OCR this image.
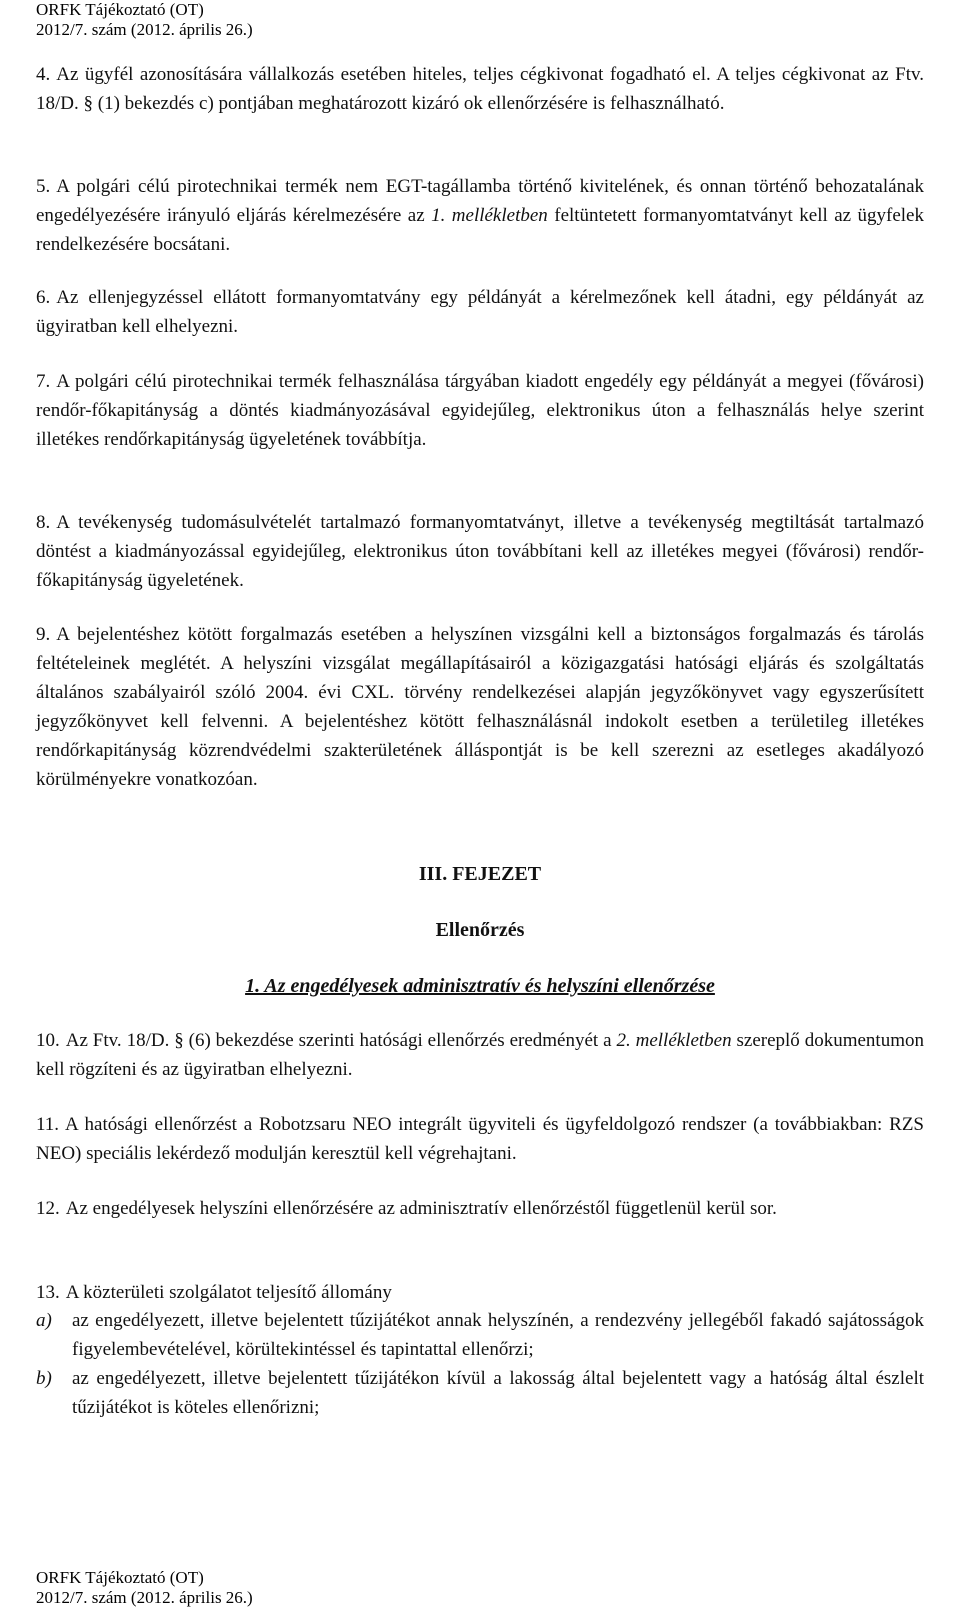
ORFK Tájékoztató (OT)
2012/7. szám (2012. április 26.)

4. Az ügyfél azonosítására vállalkozás esetében hiteles, teljes cégkivonat fogadható el. A teljes cégkivonat az Ftv. 18/D. § (1) bekezdés c) pontjában meghatározott kizáró ok ellenőrzésére is felhasználható.

5. A polgári célú pirotechnikai termék nem EGT-tagállamba történő kivitelének, és onnan történő behozatalának engedélyezésére irányuló eljárás kérelmezésére az 1. mellékletben feltüntetett formanyomtatványt kell az ügyfelek rendelkezésére bocsátani.

6. Az ellenjegyzéssel ellátott formanyomtatvány egy példányát a kérelmezőnek kell átadni, egy példányát az ügyiratban kell elhelyezni.

7. A polgári célú pirotechnikai termék felhasználása tárgyában kiadott engedély egy példányát a megyei (fővárosi) rendőr-főkapitányság a döntés kiadmányozásával egyidejűleg, elektronikus úton a felhasználás helye szerint illetékes rendőrkapitányság ügyeletének továbbítja.

8. A tevékenység tudomásulvételét tartalmazó formanyomtatványt, illetve a tevékenység megtiltását tartalmazó döntést a kiadmányozással egyidejűleg, elektronikus úton továbbítani kell az illetékes megyei (fővárosi) rendőr-főkapitányság ügyeletének.

9. A bejelentéshez kötött forgalmazás esetében a helyszínen vizsgálni kell a biztonságos forgalmazás és tárolás feltételeinek meglétét. A helyszíni vizsgálat megállapításairól a közigazgatási hatósági eljárás és szolgáltatás általános szabályairól szóló 2004. évi CXL. törvény rendelkezései alapján jegyzőkönyvet vagy egyszerűsített jegyzőkönyvet kell felvenni. A bejelentéshez kötött felhasználásnál indokolt esetben a területileg illetékes rendőrkapitányság közrendvédelmi szakterületének álláspontját is be kell szerezni az esetleges akadályozó körülményekre vonatkozóan.

III. FEJEZET
Ellenőrzés
1. Az engedélyesek adminisztratív és helyszíni ellenőrzése

10. Az Ftv. 18/D. § (6) bekezdése szerinti hatósági ellenőrzés eredményét a 2. mellékletben szereplő dokumentumon kell rögzíteni és az ügyiratban elhelyezni.

11. A hatósági ellenőrzést a Robotzsaru NEO integrált ügyviteli és ügyfeldolgozó rendszer (a továbbiakban: RZS NEO) speciális lekérdező modulján keresztül kell végrehajtani.

12. Az engedélyesek helyszíni ellenőrzésére az adminisztratív ellenőrzéstől függetlenül kerül sor.

13. A közterületi szolgálatot teljesítő állomány

a)	az engedélyezett, illetve bejelentett tűzijátékot annak helyszínén, a rendezvény jellegéből fakadó sajátosságok figyelembevételével, körültekintéssel és tapintattal ellenőrzi;
b)	az engedélyezett, illetve bejelentett tűzijátékon kívül a lakosság által bejelentett vagy a hatóság által észlelt tűzijátékot is köteles ellenőrizni;
ORFK Tájékoztató (OT)
2012/7. szám (2012. április 26.)
